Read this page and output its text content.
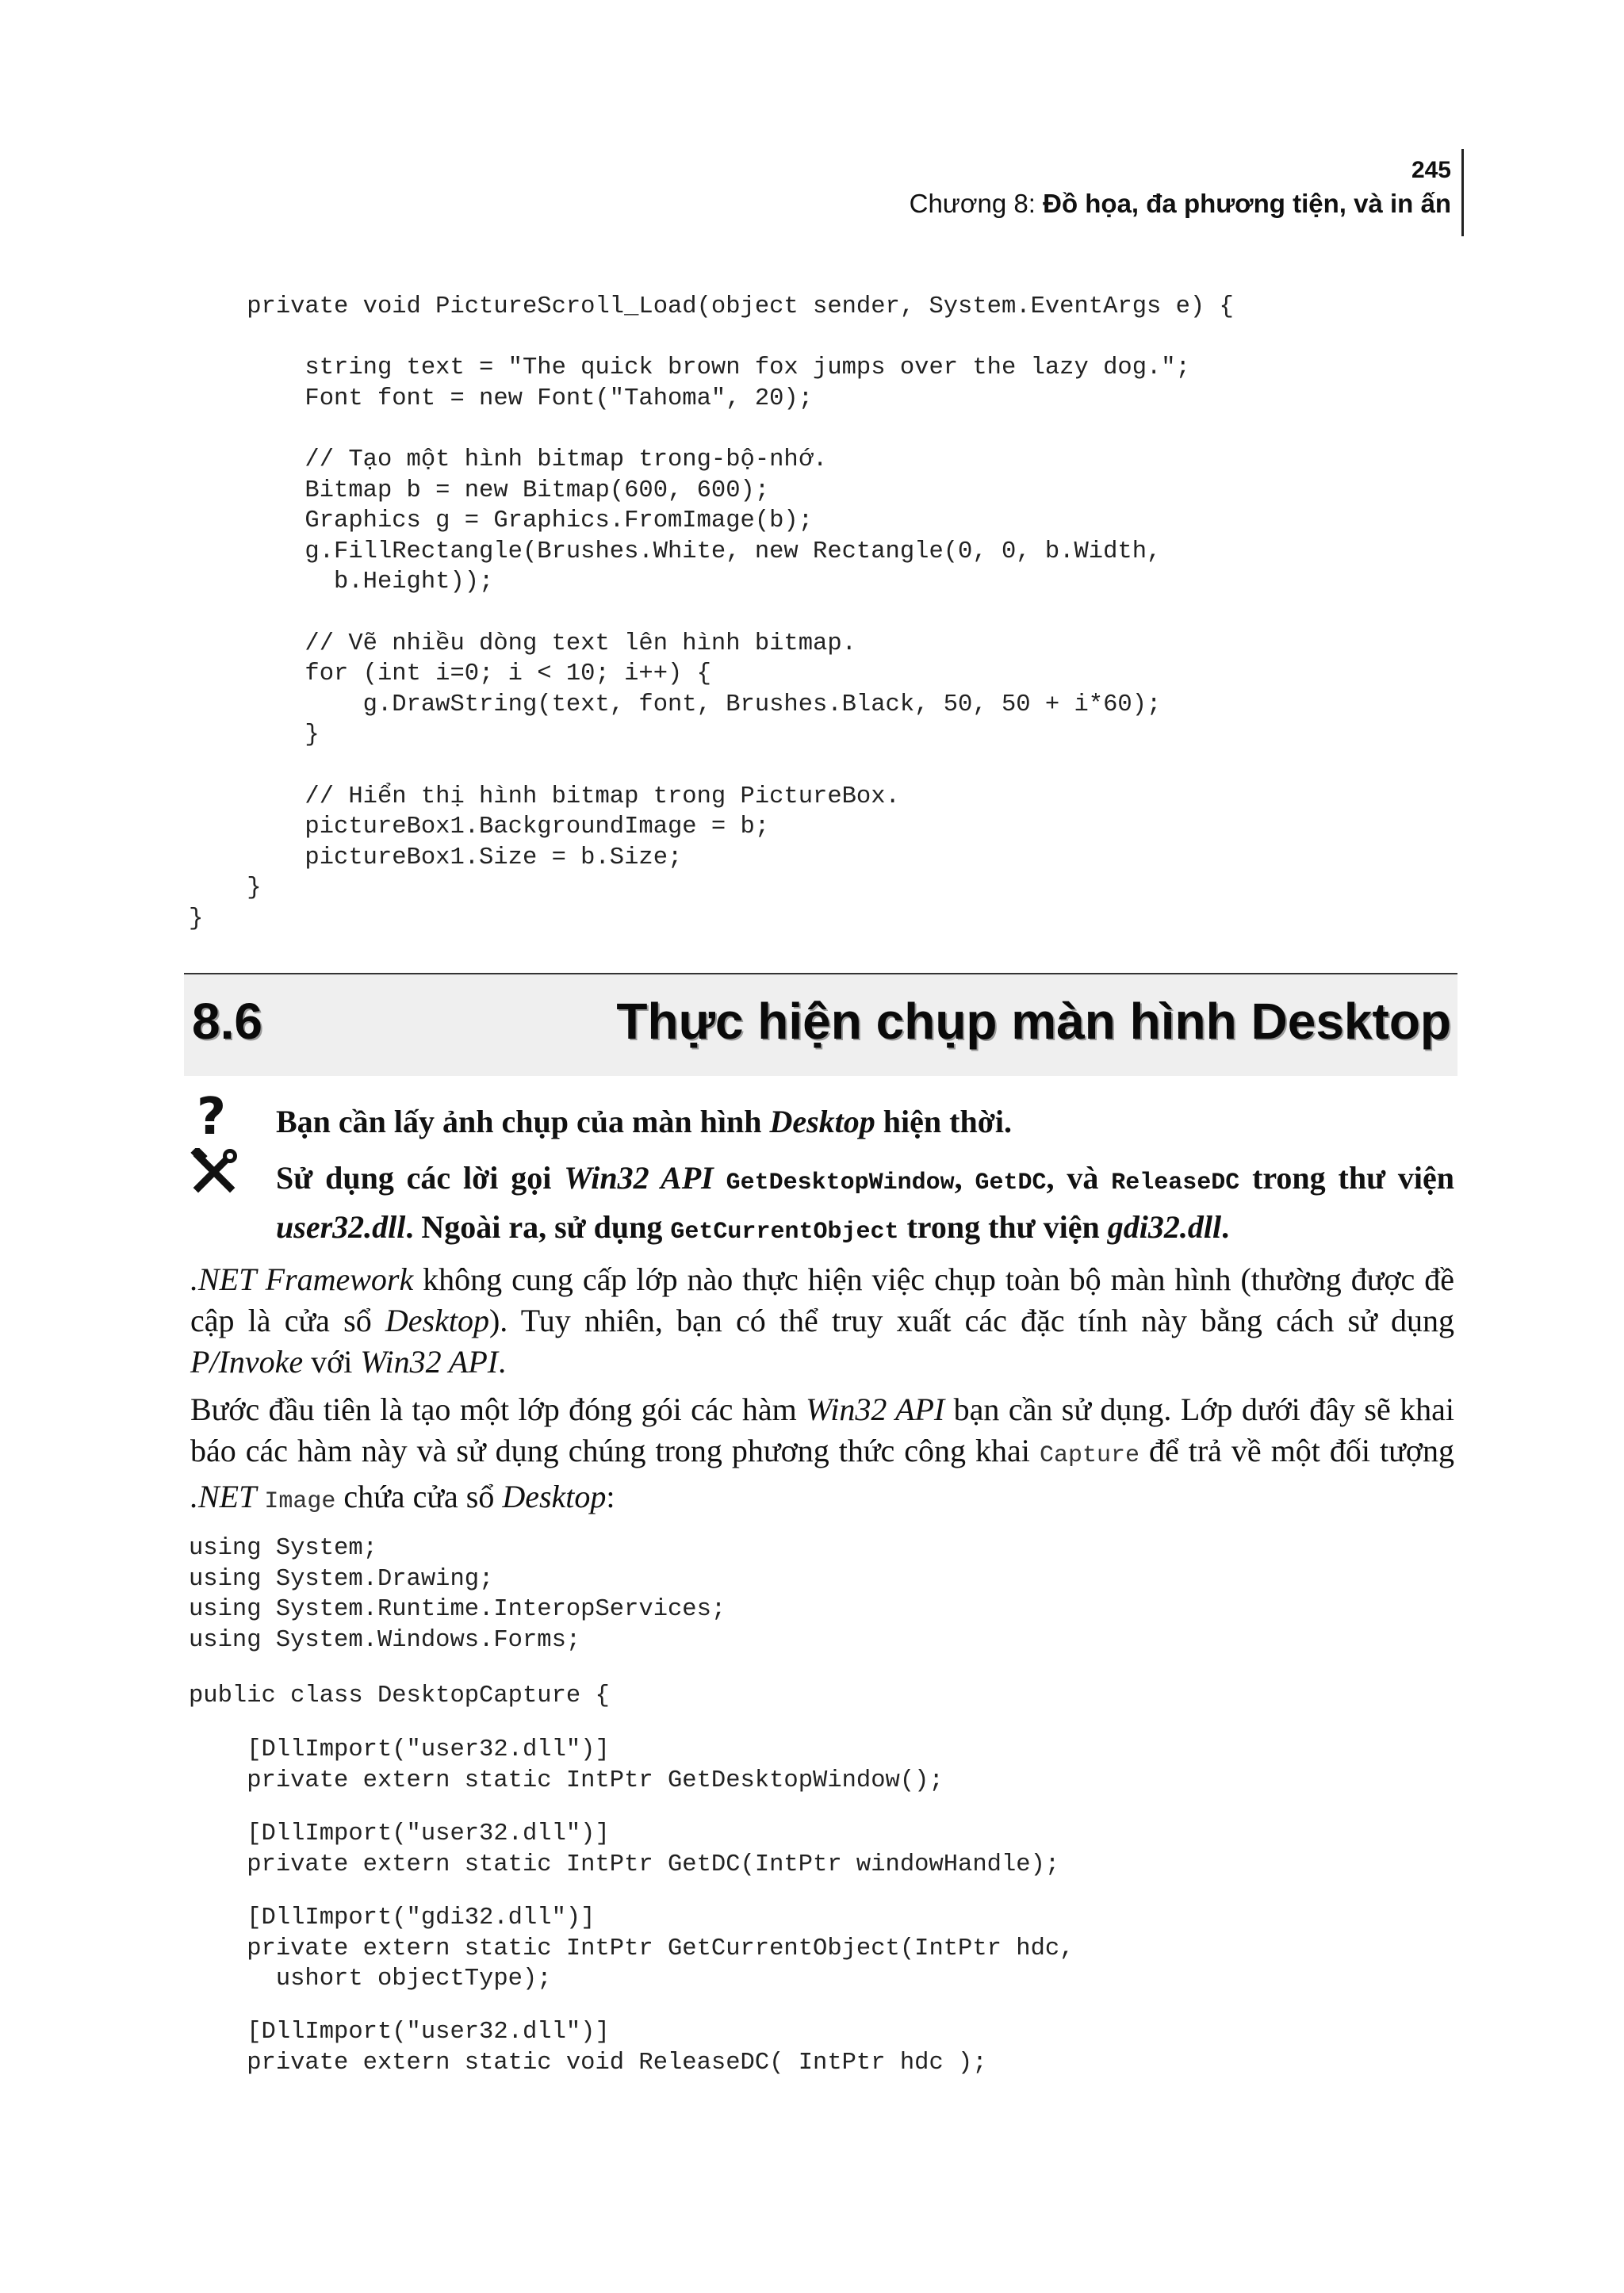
245
Chương 8: Đồ họa, đa phương tiện, và in ấn
private void PictureScroll_Load(object sender, System.EventArgs e) {
string text = "The quick brown fox jumps over the lazy dog.";
Font font = new Font("Tahoma", 20);
// Tạo một hình bitmap trong-bộ-nhớ.
Bitmap b = new Bitmap(600, 600);
Graphics g = Graphics.FromImage(b);
g.FillRectangle(Brushes.White, new Rectangle(0, 0, b.Width,
b.Height));
// Vẽ nhiều dòng text lên hình bitmap.
for (int i=0; i < 10; i++) {
g.DrawString(text, font, Brushes.Black, 50, 50 + i*60);
}
// Hiển thị hình bitmap trong PictureBox.
pictureBox1.BackgroundImage = b;
pictureBox1.Size = b.Size;
}
}
8.6	Thực hiện chụp màn hình Desktop
? Bạn cần lấy ảnh chụp của màn hình Desktop hiện thời.
Sử dụng các lời gọi Win32 API GetDesktopWindow, GetDC, và ReleaseDC trong thư viện user32.dll. Ngoài ra, sử dụng GetCurrentObject trong thư viện gdi32.dll.

.NET Framework không cung cấp lớp nào thực hiện việc chụp toàn bộ màn hình (thường được đề cập là cửa sổ Desktop). Tuy nhiên, bạn có thể truy xuất các đặc tính này bằng cách sử dụng P/Invoke với Win32 API.

Bước đầu tiên là tạo một lớp đóng gói các hàm Win32 API bạn cần sử dụng. Lớp dưới đây sẽ khai báo các hàm này và sử dụng chúng trong phương thức công khai Capture để trả về một đối tượng .NET Image chứa cửa sổ Desktop:

using System;
using System.Drawing;
using System.Runtime.InteropServices;
using System.Windows.Forms;
public class DesktopCapture {
[DllImport("user32.dll")]
private extern static IntPtr GetDesktopWindow();
[DllImport("user32.dll")]
private extern static IntPtr GetDC(IntPtr windowHandle);
[DllImport("gdi32.dll")]
private extern static IntPtr GetCurrentObject(IntPtr hdc,
ushort objectType);
[DllImport("user32.dll")]
private extern static void ReleaseDC( IntPtr hdc );
